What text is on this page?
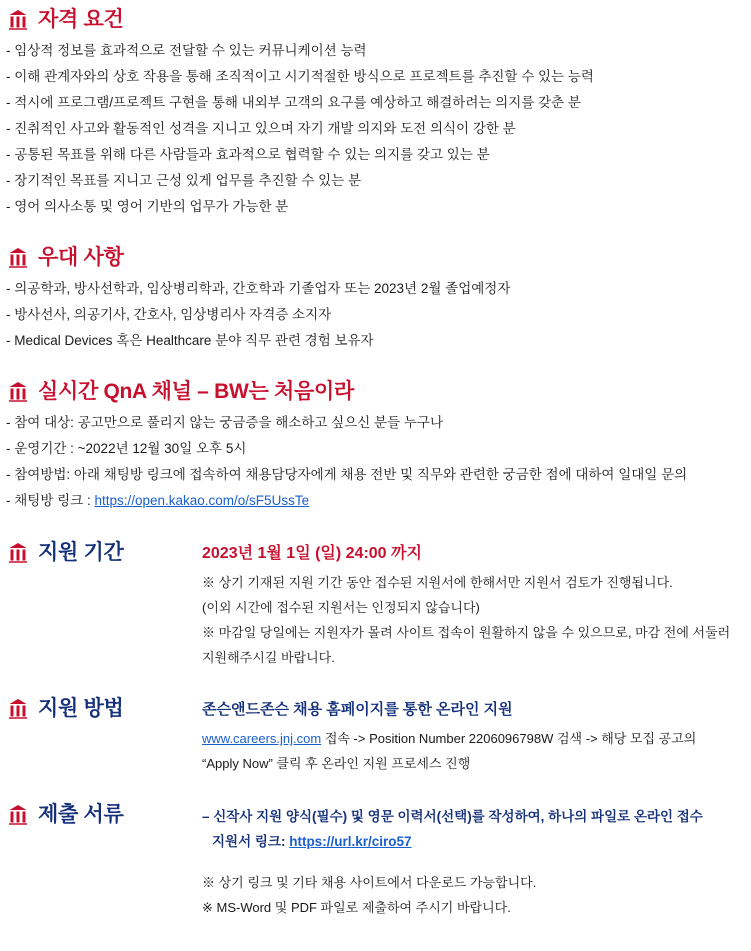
자격 요건
- 임상적 정보를 효과적으로 전달할 수 있는 커뮤니케이션 능력
- 이해 관계자와의 상호 작용을 통해 조직적이고 시기적절한 방식으로 프로젝트를 추진할 수 있는 능력
- 적시에 프로그램/프로젝트 구현을 통해 내외부 고객의 요구를 예상하고 해결하려는 의지를 갖춘 분
- 진취적인 사고와 활동적인 성격을 지니고 있으며 자기 개발 의지와 도전 의식이 강한 분
- 공통된 목표를 위해 다른 사람들과 효과적으로 협력할 수 있는 의지를 갖고 있는 분
- 장기적인 목표를 지니고 근성 있게 업무를 추진할 수 있는 분
- 영어 의사소통 및 영어 기반의 업무가 가능한 분
우대 사항
- 의공학과, 방사선학과, 임상병리학과, 간호학과 기졸업자 또는 2023년 2월 졸업예정자
- 방사선사, 의공기사, 간호사, 임상병리사 자격증 소지자
- Medical Devices 혹은 Healthcare 분야 직무 관련 경험 보유자
실시간 QnA 채널 – BW는 처음이라
- 참여 대상: 공고만으로 풀리지 않는 궁금증을 해소하고 싶으신 분들 누구나
- 운영기간 : ~2022년 12월 30일 오후 5시
- 참여방법: 아래 채팅방 링크에 접속하여 채용담당자에게 채용 전반 및 직무와 관련한 궁금한 점에 대하여 일대일 문의
- 채팅방 링크 : https://open.kakao.com/o/sF5UssTe
지원 기간	2023년 1월 1일 (일) 24:00 까지

※ 상기 기재된 지원 기간 동안 접수된 지원서에 한해서만 지원서 검토가 진행됩니다.

(이외 시간에 접수된 지원서는 인정되지 않습니다)

※ 마감일 당일에는 지원자가 몰려 사이트 접속이 원활하지 않을 수 있으므로, 마감 전에 서둘러

지원해주시길 바랍니다.

지원 방법	존슨앤드존슨 채용 홈페이지를 통한 온라인 지원

www.careers.jnj.com 접속 -> Position Number 2206096798W 검색 -> 해당 모집 공고의

“Apply Now” 클릭 후 온라인 지원 프로세스 진행

제출 서류	– 신작사 지원 양식(필수) 및 영문 이력서(선택)를 작성하여, 하나의 파일로 온라인 접수

지원서 링크: https://url.kr/ciro57

※ 상기 링크 및 기타 채용 사이트에서 다운로드 가능합니다.

※ MS-Word 및 PDF 파일로 제출하여 주시기 바랍니다.
